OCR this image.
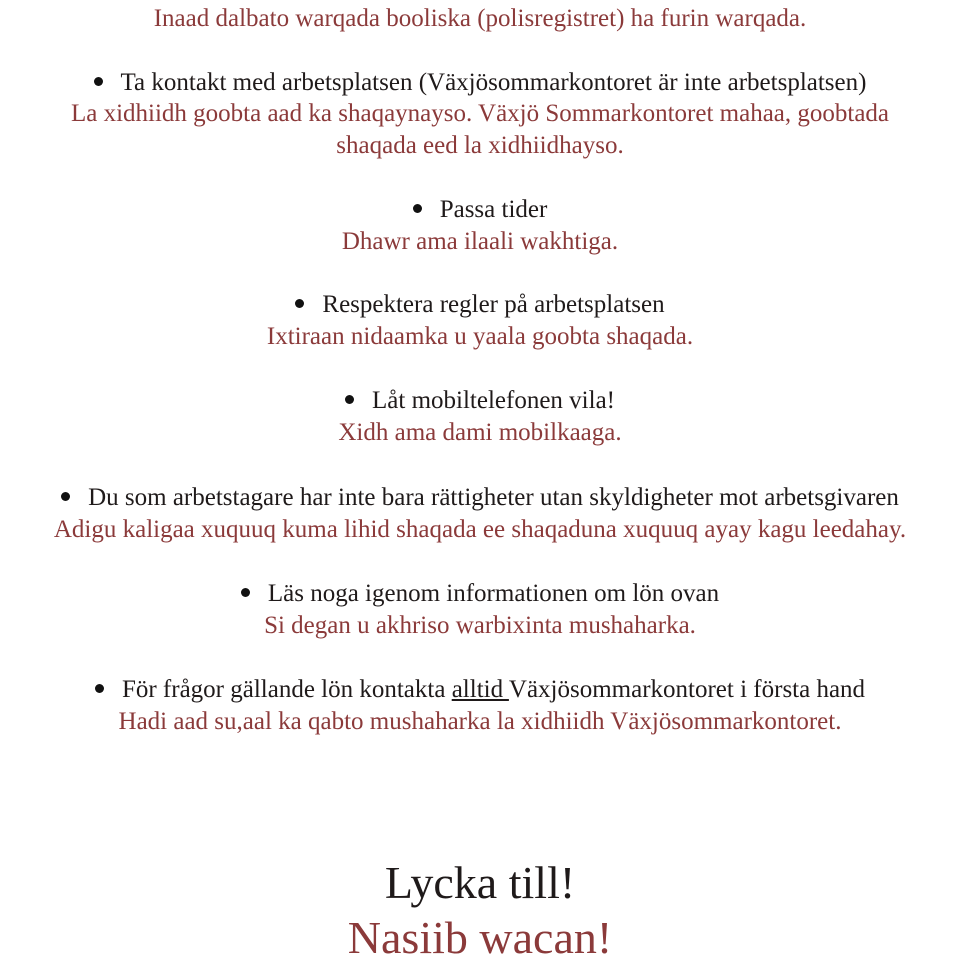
Inaad dalbato warqada booliska (polisregistret) ha furin warqada.
Ta kontakt med arbetsplatsen (Växjösommarkontoret är inte arbetsplatsen)
La xidhiidh goobta aad ka shaqaynayso. Växjö Sommarkontoret mahaa, goobtada
shaqada eed la xidhiidhayso.
Passa tider
Dhawr ama ilaali wakhtiga.
Respektera regler på arbetsplatsen
Ixtiraan nidaamka u yaala goobta shaqada.
Låt mobiltelefonen vila!
Xidh ama dami mobilkaaga.
Du som arbetstagare har inte bara rättigheter utan skyldigheter mot arbetsgivaren
Adigu kaligaa xuquuq kuma lihid shaqada ee shaqaduna xuquuq ayay kagu leedahay.
Läs noga igenom informationen om lön ovan
Si degan u akhriso warbixinta mushaharka.
För frågor gällande lön kontakta alltid Växjösommarkontoret i första hand
Hadi aad su,aal ka qabto mushaharka la xidhiidh Växjösommarkontoret.
Lycka till!
Nasiib wacan!
